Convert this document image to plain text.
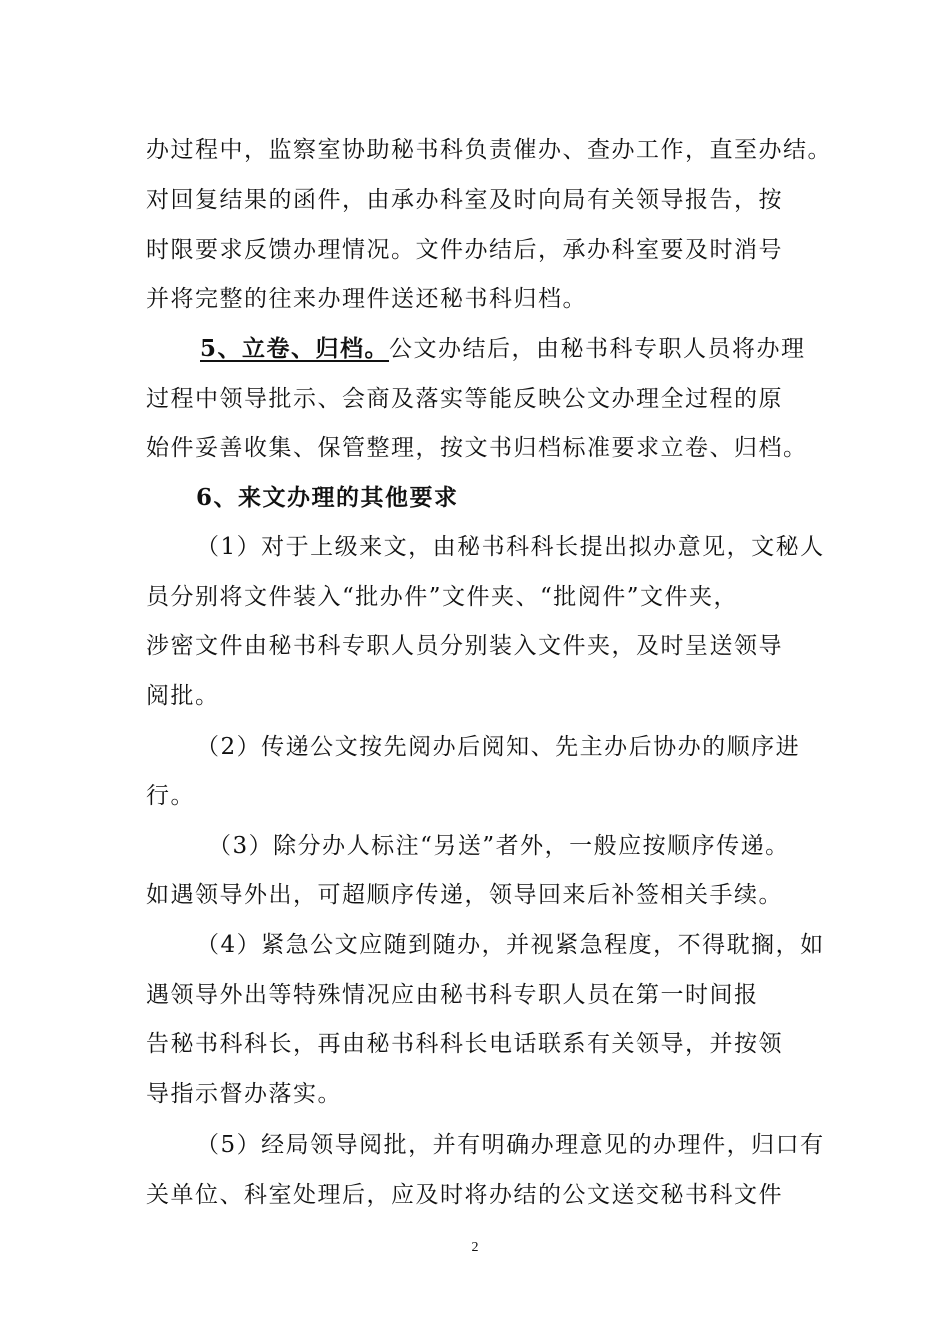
办过程中，监察室协助秘书科负责催办、查办工作，直至办结。
对回复结果的函件，由承办科室及时向局有关领导报告，按
时限要求反馈办理情况。文件办结后，承办科室要及时消号
并将完整的往来办理件送还秘书科归档。
5、立卷、归档。公文办结后，由秘书科专职人员将办理
过程中领导批示、会商及落实等能反映公文办理全过程的原
始件妥善收集、保管整理，按文书归档标准要求立卷、归档。
6、来文办理的其他要求
（1）对于上级来文，由秘书科科长提出拟办意见，文秘人
员分别将文件装入“批办件”文件夹、“批阅件”文件夹，
涉密文件由秘书科专职人员分别装入文件夹，及时呈送领导
阅批。
（2）传递公文按先阅办后阅知、先主办后协办的顺序进
行。
（3）除分办人标注“另送”者外，一般应按顺序传递。
如遇领导外出，可超顺序传递，领导回来后补签相关手续。
（4）紧急公文应随到随办，并视紧急程度，不得耽搁，如
遇领导外出等特殊情况应由秘书科专职人员在第一时间报
告秘书科科长，再由秘书科科长电话联系有关领导，并按领
导指示督办落实。
（5）经局领导阅批，并有明确办理意见的办理件，归口有
关单位、科室处理后，应及时将办结的公文送交秘书科文件
2
